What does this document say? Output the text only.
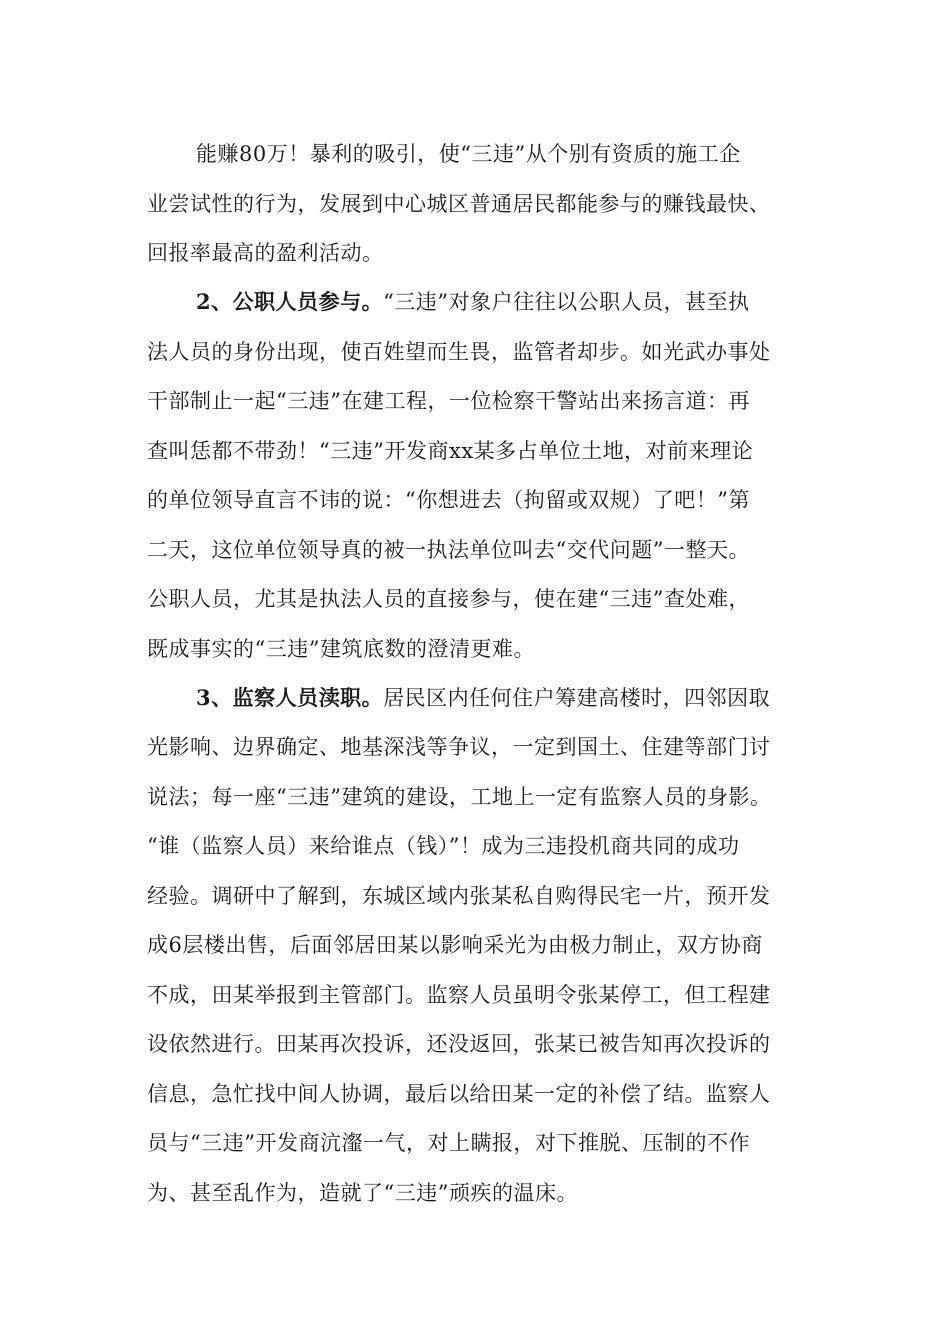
能赚80万！暴利的吸引，使“三违”从个别有资质的施工企
业尝试性的行为，发展到中心城区普通居民都能参与的赚钱最快、
回报率最高的盈利活动。
2、公职人员参与。“三违”对象户往往以公职人员，甚至执
法人员的身份出现，使百姓望而生畏，监管者却步。如光武办事处
干部制止一起“三违”在建工程，一位检察干警站出来扬言道：再
查叫恁都不带劲！“三违”开发商xx某多占单位土地，对前来理论
的单位领导直言不讳的说：“你想进去（拘留或双规）了吧！”第
二天，这位单位领导真的被一执法单位叫去“交代问题”一整天。
公职人员，尤其是执法人员的直接参与，使在建“三违”查处难，
既成事实的“三违”建筑底数的澄清更难。
3、监察人员渎职。居民区内任何住户筹建高楼时，四邻因取
光影响、边界确定、地基深浅等争议，一定到国土、住建等部门讨
说法；每一座“三违”建筑的建设，工地上一定有监察人员的身影。
“谁（监察人员）来给谁点（钱）”！成为三违投机商共同的成功
经验。调研中了解到，东城区域内张某私自购得民宅一片，预开发
成6层楼出售，后面邻居田某以影响采光为由极力制止，双方协商
不成，田某举报到主管部门。监察人员虽明令张某停工，但工程建
设依然进行。田某再次投诉，还没返回，张某已被告知再次投诉的
信息，急忙找中间人协调，最后以给田某一定的补偿了结。监察人
员与“三违”开发商沆瀣一气，对上瞒报，对下推脱、压制的不作
为、甚至乱作为，造就了“三违”顽疾的温床。
